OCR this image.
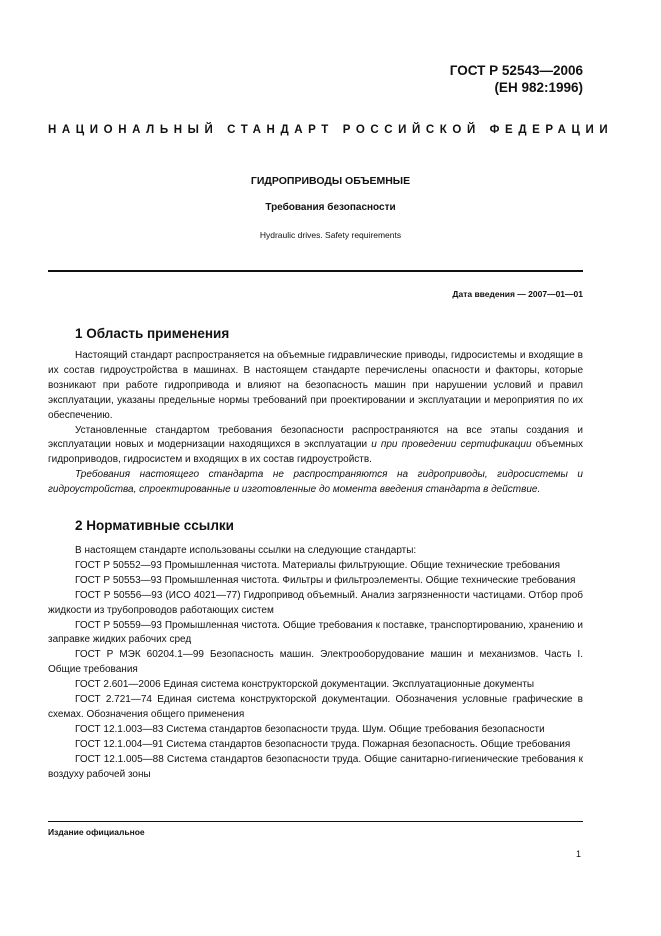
ГОСТ Р 52543—2006
(ЕН 982:1996)
НАЦИОНАЛЬНЫЙ СТАНДАРТ РОССИЙСКОЙ ФЕДЕРАЦИИ
ГИДРОПРИВОДЫ ОБЪЕМНЫЕ
Требования безопасности
Hydraulic drives. Safety requirements
Дата введения — 2007—01—01
1 Область применения

Настоящий стандарт распространяется на объемные гидравлические приводы, гидросистемы и входящие в их состав гидроустройства в машинах. В настоящем стандарте перечислены опасности и факторы, которые возникают при работе гидропривода и влияют на безопасность машин при нарушении условий и правил эксплуатации, указаны предельные нормы требований при проектировании и эксплуатации и мероприятия по их обеспечению.

Установленные стандартом требования безопасности распространяются на все этапы создания и эксплуатации новых и модернизации находящихся в эксплуатации и при проведении сертификации объемных гидроприводов, гидросистем и входящих в их состав гидроустройств.

Требования настоящего стандарта не распространяются на гидроприводы, гидросистемы и гидроустройства, спроектированные и изготовленные до момента введения стандарта в действие.

2 Нормативные ссылки

В настоящем стандарте использованы ссылки на следующие стандарты:

ГОСТ Р 50552—93 Промышленная чистота. Материалы фильтрующие. Общие технические требования

ГОСТ Р 50553—93 Промышленная чистота. Фильтры и фильтроэлементы. Общие технические требования

ГОСТ Р 50556—93 (ИСО 4021—77) Гидропривод объемный. Анализ загрязненности частицами. Отбор проб жидкости из трубопроводов работающих систем

ГОСТ Р 50559—93 Промышленная чистота. Общие требования к поставке, транспортированию, хранению и заправке жидких рабочих сред

ГОСТ Р МЭК 60204.1—99 Безопасность машин. Электрооборудование машин и механизмов. Часть I. Общие требования

ГОСТ 2.601—2006 Единая система конструкторской документации. Эксплуатационные документы

ГОСТ 2.721—74 Единая система конструкторской документации. Обозначения условные графические в схемах. Обозначения общего применения

ГОСТ 12.1.003—83 Система стандартов безопасности труда. Шум. Общие требования безопасности

ГОСТ 12.1.004—91 Система стандартов безопасности труда. Пожарная безопасность. Общие требования

ГОСТ 12.1.005—88 Система стандартов безопасности труда. Общие санитарно-гигиенические требования к воздуху рабочей зоны

Издание официальное
1
